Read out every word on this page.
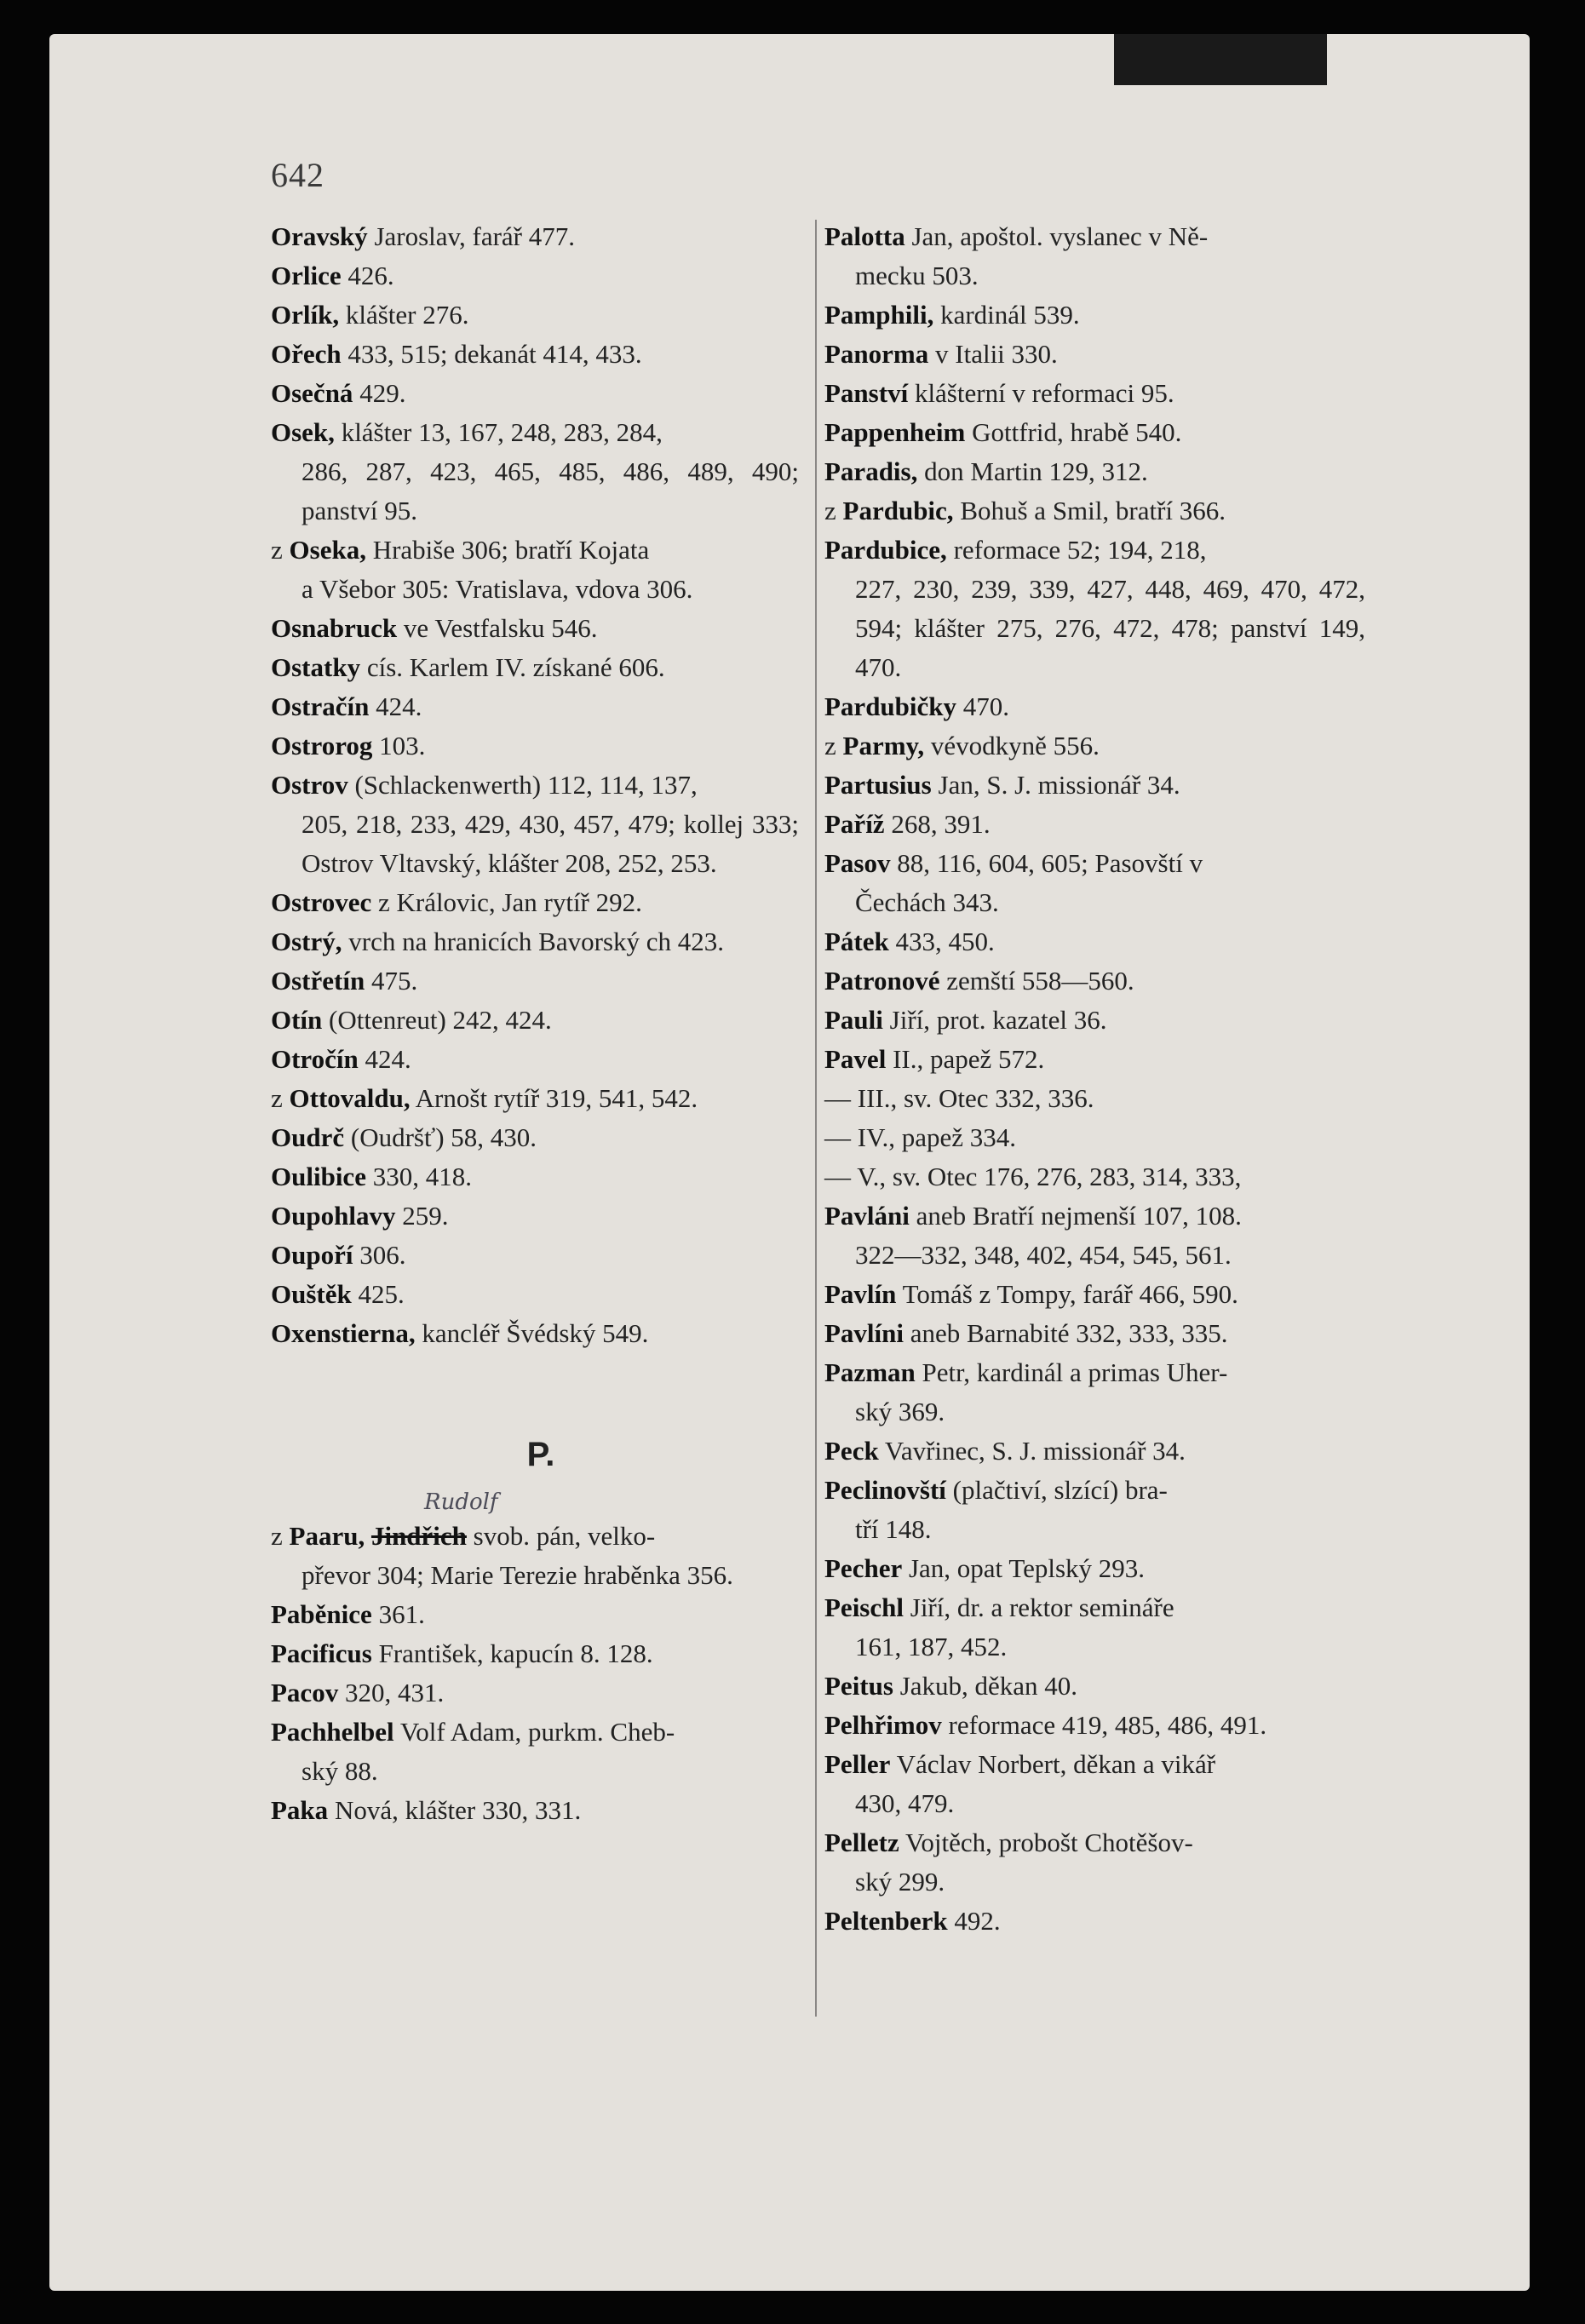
642
Oravský Jaroslav, farář 477.
Orlice 426.
Orlík, klášter 276.
Ořech 433, 515; dekanát 414, 433.
Osečná 429.
Osek, klášter 13, 167, 248, 283, 284,
286, 287, 423, 465, 485, 486, 489, 490; panství 95.
z Oseka, Hrabiše 306; bratří Kojata
a Všebor 305: Vratislava, vdova 306.
Osnabruck ve Vestfalsku 546.
Ostatky cís. Karlem IV. získané 606.
Ostračín 424.
Ostrorog 103.
Ostrov (Schlackenwerth) 112, 114, 137,
205, 218, 233, 429, 430, 457, 479; kollej 333; Ostrov Vltavský, klášter 208, 252, 253.
Ostrovec z Královic, Jan rytíř 292.
Ostrý, vrch na hranicích Bavorský ch 423.
Ostřetín 475.
Otín (Ottenreut) 242, 424.
Otročín 424.
z Ottovaldu, Arnošt rytíř 319, 541, 542.
Oudrč (Oudršť) 58, 430.
Oulibice 330, 418.
Oupohlavy 259.
Oupoří 306.
Ouštěk 425.
Oxenstierna, kancléř Švédský 549.
P.
Rudolf
z Paaru, Jindřich svob. pán, velko-
převor 304; Marie Terezie hraběnka 356.
Paběnice 361.
Pacificus František, kapucín 8. 128.
Pacov 320, 431.
Pachhelbel Volf Adam, purkm. Cheb-
ský 88.
Paka Nová, klášter 330, 331.
Palotta Jan, apoštol. vyslanec v Ně-
mecku 503.
Pamphili, kardinál 539.
Panorma v Italii 330.
Panství klášterní v reformaci 95.
Pappenheim Gottfrid, hrabě 540.
Paradis, don Martin 129, 312.
z Pardubic, Bohuš a Smil, bratří 366.
Pardubice, reformace 52; 194, 218,
227, 230, 239, 339, 427, 448, 469, 470, 472, 594; klášter 275, 276, 472, 478; panství 149, 470.
Pardubičky 470.
z Parmy, vévodkyně 556.
Partusius Jan, S. J. missionář 34.
Paříž 268, 391.
Pasov 88, 116, 604, 605; Pasovští v
Čechách 343.
Pátek 433, 450.
Patronové zemští 558—560.
Pauli Jiří, prot. kazatel 36.
Pavel II., papež 572.
— III., sv. Otec 332, 336.
— IV., papež 334.
— V., sv. Otec 176, 276, 283, 314, 333,
Pavláni aneb Bratří nejmenší 107, 108.
322—332, 348, 402, 454, 545, 561.
Pavlín Tomáš z Tompy, farář 466, 590.
Pavlíni aneb Barnabité 332, 333, 335.
Pazman Petr, kardinál a primas Uher-
ský 369.
Peck Vavřinec, S. J. missionář 34.
Peclinovští (plačtiví, slzící) bra-
tří 148.
Pecher Jan, opat Teplský 293.
Peischl Jiří, dr. a rektor semináře
161, 187, 452.
Peitus Jakub, děkan 40.
Pelhřimov reformace 419, 485, 486, 491.
Peller Václav Norbert, děkan a vikář
430, 479.
Pelletz Vojtěch, probošt Chotěšov-
ský 299.
Peltenberk 492.
